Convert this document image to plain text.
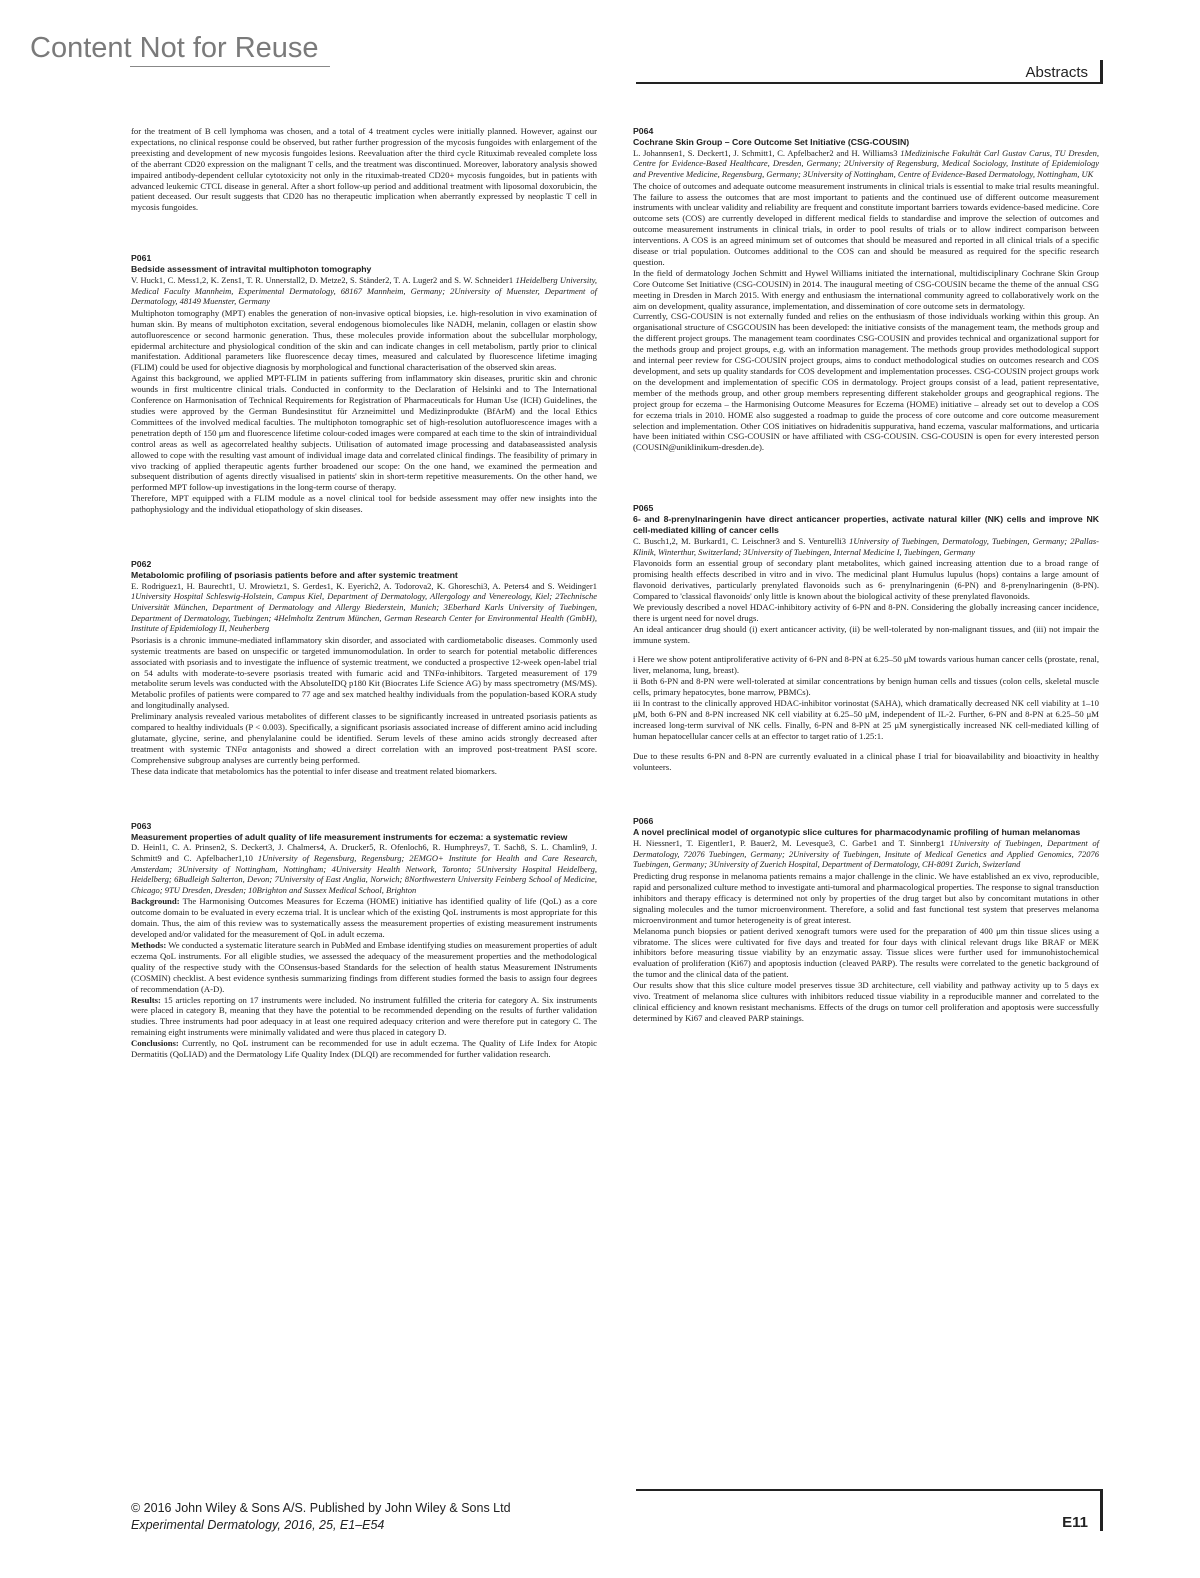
Content Not for Reuse
Abstracts

for the treatment of B cell lymphoma was chosen, and a total of 4 treatment cycles were initially planned. However, against our expectations, no clinical response could be observed, but rather further progression of the mycosis fungoides with enlargement of the preexisting and development of new mycosis fungoides lesions. Reevaluation after the third cycle Rituximab revealed complete loss of the aberrant CD20 expression on the malignant T cells, and the treatment was discontinued. Moreover, laboratory analysis showed impaired antibody-dependent cellular cytotoxicity not only in the rituximab-treated CD20+ mycosis fungoides, but in patients with advanced leukemic CTCL disease in general. After a short follow-up period and additional treatment with liposomal doxorubicin, the patient deceased. Our result suggests that CD20 has no therapeutic implication when aberrantly expressed by neoplastic T cell in mycosis fungoides.

P061

Bedside assessment of intravital multiphoton tomography

V. Huck1, C. Mess1,2, K. Zens1, T. R. Unnerstall2, D. Metze2, S. Ständer2, T. A. Luger2 and S. W. Schneider1 1Heidelberg University, Medical Faculty Mannheim, Experimental Dermatology, 68167 Mannheim, Germany; 2University of Muenster, Department of Dermatology, 48149 Muenster, Germany

Multiphoton tomography (MPT) enables the generation of non-invasive optical biopsies, i.e. high-resolution in vivo examination of human skin. By means of multiphoton excitation, several endogenous biomolecules like NADH, melanin, collagen or elastin show autofluorescence or second harmonic generation. Thus, these molecules provide information about the subcellular morphology, epidermal architecture and physiological condition of the skin and can indicate changes in cell metabolism, partly prior to clinical manifestation. Additional parameters like fluorescence decay times, measured and calculated by fluorescence lifetime imaging (FLIM) could be used for objective diagnosis by morphological and functional characterisation of the observed skin areas.

Against this background, we applied MPT-FLIM in patients suffering from inflammatory skin diseases, pruritic skin and chronic wounds in first multicentre clinical trials. Conducted in conformity to the Declaration of Helsinki and to The International Conference on Harmonisation of Technical Requirements for Registration of Pharmaceuticals for Human Use (ICH) Guidelines, the studies were approved by the German Bundesinstitut für Arzneimittel und Medizinprodukte (BfArM) and the local Ethics Committees of the involved medical faculties. The multiphoton tomographic set of high-resolution autofluorescence images with a penetration depth of 150 μm and fluorescence lifetime colour-coded images were compared at each time to the skin of intraindividual control areas as well as agecorrelated healthy subjects. Utilisation of automated image processing and databaseassisted analysis allowed to cope with the resulting vast amount of individual image data and correlated clinical findings. The feasibility of primary in vivo tracking of applied therapeutic agents further broadened our scope: On the one hand, we examined the permeation and subsequent distribution of agents directly visualised in patients' skin in short-term repetitive measurements. On the other hand, we performed MPT follow-up investigations in the long-term course of therapy.

Therefore, MPT equipped with a FLIM module as a novel clinical tool for bedside assessment may offer new insights into the pathophysiology and the individual etiopathology of skin diseases.

P062

Metabolomic profiling of psoriasis patients before and after systemic treatment

E. Rodriguez1, H. Baurecht1, U. Mrowietz1, S. Gerdes1, K. Eyerich2, A. Todorova2, K. Ghoreschi3, A. Peters4 and S. Weidinger1 1University Hospital Schleswig-Holstein, Campus Kiel, Department of Dermatology, Allergology and Venereology, Kiel; 2Technische Universität München, Department of Dermatology and Allergy Biederstein, Munich; 3Eberhard Karls University of Tuebingen, Department of Dermatology, Tuebingen; 4Helmholtz Zentrum München, German Research Center for Environmental Health (GmbH), Institute of Epidemiology II, Neuherberg

Psoriasis is a chronic immune-mediated inflammatory skin disorder, and associated with cardiometabolic diseases. Commonly used systemic treatments are based on unspecific or targeted immunomodulation. In order to search for potential metabolic differences associated with psoriasis and to investigate the influence of systemic treatment, we conducted a prospective 12-week open-label trial on 54 adults with moderate-to-severe psoriasis treated with fumaric acid and TNFα-inhibitors. Targeted measurement of 179 metabolite serum levels was conducted with the AbsoluteIDQ p180 Kit (Biocrates Life Science AG) by mass spectrometry (MS/MS). Metabolic profiles of patients were compared to 77 age and sex matched healthy individuals from the population-based KORA study and longitudinally analysed.

Preliminary analysis revealed various metabolites of different classes to be significantly increased in untreated psoriasis patients as compared to healthy individuals (P < 0.003). Specifically, a significant psoriasis associated increase of different amino acid including glutamate, glycine, serine, and phenylalanine could be identified. Serum levels of these amino acids strongly decreased after treatment with systemic TNFα antagonists and showed a direct correlation with an improved post-treatment PASI score. Comprehensive subgroup analyses are currently being performed.

These data indicate that metabolomics has the potential to infer disease and treatment related biomarkers.

P063

Measurement properties of adult quality of life measurement instruments for eczema: a systematic review

D. Heinl1, C. A. Prinsen2, S. Deckert3, J. Chalmers4, A. Drucker5, R. Ofenloch6, R. Humphreys7, T. Sach8, S. L. Chamlin9, J. Schmitt9 and C. Apfelbacher1,10 1University of Regensburg, Regensburg; 2EMGO+ Institute for Health and Care Research, Amsterdam; 3University of Nottingham, Nottingham; 4University Health Network, Toronto; 5University Hospital Heidelberg, Heidelberg; 6Budleigh Salterton, Devon; 7University of East Anglia, Norwich; 8Northwestern University Feinberg School of Medicine, Chicago; 9TU Dresden, Dresden; 10Brighton and Sussex Medical School, Brighton

Background: The Harmonising Outcomes Measures for Eczema (HOME) initiative has identified quality of life (QoL) as a core outcome domain to be evaluated in every eczema trial. It is unclear which of the existing QoL instruments is most appropriate for this domain. Thus, the aim of this review was to systematically assess the measurement properties of existing measurement instruments developed and/or validated for the measurement of QoL in adult eczema.

Methods: We conducted a systematic literature search in PubMed and Embase identifying studies on measurement properties of adult eczema QoL instruments. For all eligible studies, we assessed the adequacy of the measurement properties and the methodological quality of the respective study with the COnsensus-based Standards for the selection of health status Measurement INstruments (COSMIN) checklist. A best evidence synthesis summarizing findings from different studies formed the basis to assign four degrees of recommendation (A-D).

Results: 15 articles reporting on 17 instruments were included. No instrument fulfilled the criteria for category A. Six instruments were placed in category B, meaning that they have the potential to be recommended depending on the results of further validation studies. Three instruments had poor adequacy in at least one required adequacy criterion and were therefore put in category C. The remaining eight instruments were minimally validated and were thus placed in category D.

Conclusions: Currently, no QoL instrument can be recommended for use in adult eczema. The Quality of Life Index for Atopic Dermatitis (QoLIAD) and the Dermatology Life Quality Index (DLQI) are recommended for further validation research.

P064

Cochrane Skin Group – Core Outcome Set Initiative (CSG-COUSIN)

L. Johannsen1, S. Deckert1, J. Schmitt1, C. Apfelbacher2 and H. Williams3 1Medizinische Fakultät Carl Gustav Carus, TU Dresden, Centre for Evidence-Based Healthcare, Dresden, Germany; 2University of Regensburg, Medical Sociology, Institute of Epidemiology and Preventive Medicine, Regensburg, Germany; 3University of Nottingham, Centre of Evidence-Based Dermatology, Nottingham, UK

The choice of outcomes and adequate outcome measurement instruments in clinical trials is essential to make trial results meaningful. The failure to assess the outcomes that are most important to patients and the continued use of different outcome measurement instruments with unclear validity and reliability are frequent and constitute important barriers towards evidence-based medicine. Core outcome sets (COS) are currently developed in different medical fields to standardise and improve the selection of outcomes and outcome measurement instruments in clinical trials, in order to pool results of trials or to allow indirect comparison between interventions. A COS is an agreed minimum set of outcomes that should be measured and reported in all clinical trials of a specific disease or trial population. Outcomes additional to the COS can and should be measured as required for the specific research question.

In the field of dermatology Jochen Schmitt and Hywel Williams initiated the international, multidisciplinary Cochrane Skin Group Core Outcome Set Initiative (CSG-COUSIN) in 2014. The inaugural meeting of CSG-COUSIN became the theme of the annual CSG meeting in Dresden in March 2015. With energy and enthusiasm the international community agreed to collaboratively work on the aim on development, quality assurance, implementation, and dissemination of core outcome sets in dermatology.

Currently, CSG-COUSIN is not externally funded and relies on the enthusiasm of those individuals working within this group. An organisational structure of CSGCOUSIN has been developed: the initiative consists of the management team, the methods group and the different project groups. The management team coordinates CSG-COUSIN and provides technical and organizational support for the methods group and project groups, e.g. with an information management. The methods group provides methodological support and internal peer review for CSG-COUSIN project groups, aims to conduct methodological studies on outcomes research and COS development, and sets up quality standards for COS development and implementation processes. CSG-COUSIN project groups work on the development and implementation of specific COS in dermatology. Project groups consist of a lead, patient representative, member of the methods group, and other group members representing different stakeholder groups and geographical regions. The project group for eczema – the Harmonising Outcome Measures for Eczema (HOME) initiative – already set out to develop a COS for eczema trials in 2010. HOME also suggested a roadmap to guide the process of core outcome and core outcome measurement selection and implementation. Other COS initiatives on hidradenitis suppurativa, hand eczema, vascular malformations, and urticaria have been initiated within CSG-COUSIN or have affiliated with CSG-COUSIN. CSG-COUSIN is open for every interested person (COUSIN@uniklinikum-dresden.de).

P065

6- and 8-prenylnaringenin have direct anticancer properties, activate natural killer (NK) cells and improve NK cell-mediated killing of cancer cells

C. Busch1,2, M. Burkard1, C. Leischner3 and S. Venturelli3 1University of Tuebingen, Dermatology, Tuebingen, Germany; 2Pallas-Klinik, Winterthur, Switzerland; 3University of Tuebingen, Internal Medicine I, Tuebingen, Germany

Flavonoids form an essential group of secondary plant metabolites, which gained increasing attention due to a broad range of promising health effects described in vitro and in vivo. The medicinal plant Humulus lupulus (hops) contains a large amount of flavonoid derivatives, particularly prenylated flavonoids such as 6- prenylnaringenin (6-PN) and 8-prenylnaringenin (8-PN). Compared to 'classical flavonoids' only little is known about the biological activity of these prenylated flavonoids.

We previously described a novel HDAC-inhibitory activity of 6-PN and 8-PN. Considering the globally increasing cancer incidence, there is urgent need for novel drugs.

An ideal anticancer drug should (i) exert anticancer activity, (ii) be well-tolerated by non-malignant tissues, and (iii) not impair the immune system.

i Here we show potent antiproliferative activity of 6-PN and 8-PN at 6.25–50 μM towards various human cancer cells (prostate, renal, liver, melanoma, lung, breast).

ii Both 6-PN and 8-PN were well-tolerated at similar concentrations by benign human cells and tissues (colon cells, skeletal muscle cells, primary hepatocytes, bone marrow, PBMCs).

iii In contrast to the clinically approved HDAC-inhibitor vorinostat (SAHA), which dramatically decreased NK cell viability at 1–10 μM, both 6-PN and 8-PN increased NK cell viability at 6.25–50 μM, independent of IL-2. Further, 6-PN and 8-PN at 6.25–50 μM increased long-term survival of NK cells. Finally, 6-PN and 8-PN at 25 μM synergistically increased NK cell-mediated killing of human hepatocellular cancer cells at an effector to target ratio of 1.25:1.

Due to these results 6-PN and 8-PN are currently evaluated in a clinical phase I trial for bioavailability and bioactivity in healthy volunteers.

P066

A novel preclinical model of organotypic slice cultures for pharmacodynamic profiling of human melanomas

H. Niessner1, T. Eigentler1, P. Bauer2, M. Levesque3, C. Garbe1 and T. Sinnberg1 1University of Tuebingen, Department of Dermatology, 72076 Tuebingen, Germany; 2University of Tuebingen, Insitute of Medical Genetics and Applied Genomics, 72076 Tuebingen, Germany; 3University of Zuerich Hospital, Department of Dermatology, CH-8091 Zurich, Swizerland

Predicting drug response in melanoma patients remains a major challenge in the clinic. We have established an ex vivo, reproducible, rapid and personalized culture method to investigate anti-tumoral and pharmacological properties. The response to signal transduction inhibitors and therapy efficacy is determined not only by properties of the drug target but also by concomitant mutations in other signaling molecules and the tumor microenvironment. Therefore, a solid and fast functional test system that preserves melanoma microenvironment and tumor heterogeneity is of great interest.

Melanoma punch biopsies or patient derived xenograft tumors were used for the preparation of 400 μm thin tissue slices using a vibratome. The slices were cultivated for five days and treated for four days with clinical relevant drugs like BRAF or MEK inhibitors before measuring tissue viability by an enzymatic assay. Tissue slices were further used for immunohistochemical evaluation of proliferation (Ki67) and apoptosis induction (cleaved PARP). The results were correlated to the genetic background of the tumor and the clinical data of the patient.

Our results show that this slice culture model preserves tissue 3D architecture, cell viability and pathway activity up to 5 days ex vivo. Treatment of melanoma slice cultures with inhibitors reduced tissue viability in a reproducible manner and correlated to the clinical efficiency and known resistant mechanisms. Effects of the drugs on tumor cell proliferation and apoptosis were successfully determined by Ki67 and cleaved PARP stainings.

© 2016 John Wiley & Sons A/S. Published by John Wiley & Sons Ltd
Experimental Dermatology, 2016, 25, E1–E54	E11
